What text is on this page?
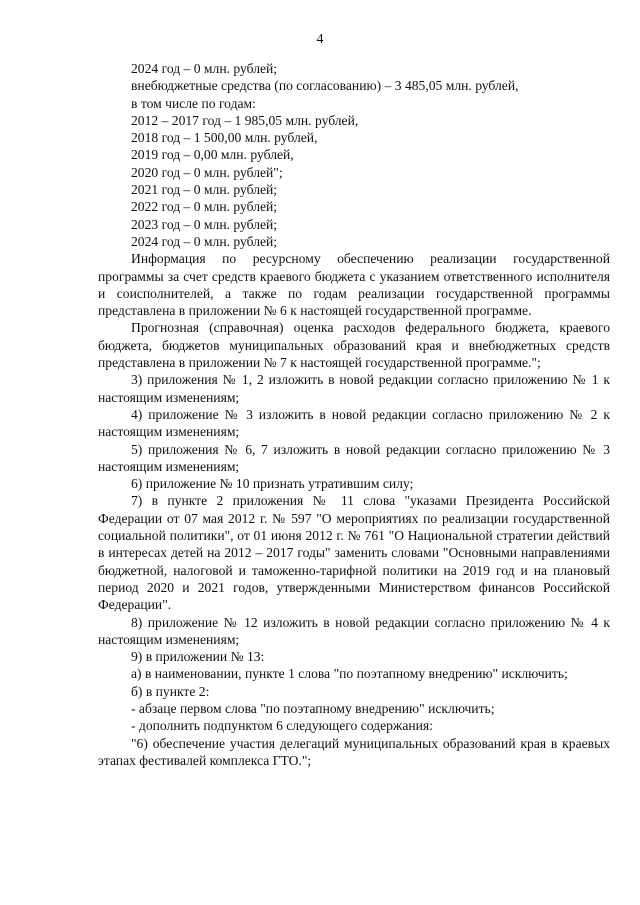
4

2024 год – 0 млн. рублей;

внебюджетные средства (по согласованию) – 3 485,05 млн. рублей,

в том числе по годам:

2012 – 2017 год – 1 985,05 млн. рублей,

2018 год – 1 500,00 млн. рублей,

2019 год – 0,00 млн. рублей,

2020 год – 0 млн. рублей";

2021 год – 0 млн. рублей;

2022 год – 0 млн. рублей;

2023 год – 0 млн. рублей;

2024 год – 0 млн. рублей;

Информация по ресурсному обеспечению реализации государственной программы за счет средств краевого бюджета с указанием ответственного исполнителя и соисполнителей, а также по годам реализации государственной программы представлена в приложении № 6 к настоящей государственной программе.

Прогнозная (справочная) оценка расходов федерального бюджета, краевого бюджета, бюджетов муниципальных образований края и внебюджетных средств представлена в приложении № 7 к настоящей государственной программе.";

3) приложения № 1, 2 изложить в новой редакции согласно приложению № 1 к настоящим изменениям;

4) приложение № 3 изложить в новой редакции согласно приложению № 2 к настоящим изменениям;

5) приложения № 6, 7 изложить в новой редакции согласно приложению № 3 настоящим изменениям;

6) приложение № 10 признать утратившим силу;

7) в пункте 2 приложения № 11 слова "указами Президента Российской Федерации от 07 мая 2012 г. № 597 "О мероприятиях по реализации государственной социальной политики", от 01 июня 2012 г. № 761 "О Национальной стратегии действий в интересах детей на 2012 – 2017 годы" заменить словами "Основными направлениями бюджетной, налоговой и таможенно-тарифной политики на 2019 год и на плановый период 2020 и 2021 годов, утвержденными Министерством финансов Российской Федерации".

8) приложение № 12 изложить в новой редакции согласно приложению № 4 к настоящим изменениям;

9) в приложении № 13:

а) в наименовании, пункте 1 слова "по поэтапному внедрению" исключить;

б) в пункте 2:

- абзаце первом слова "по поэтапному внедрению" исключить;

- дополнить подпунктом 6 следующего содержания:

"6) обеспечение участия делегаций муниципальных образований края в краевых этапах фестивалей комплекса ГТО.";
